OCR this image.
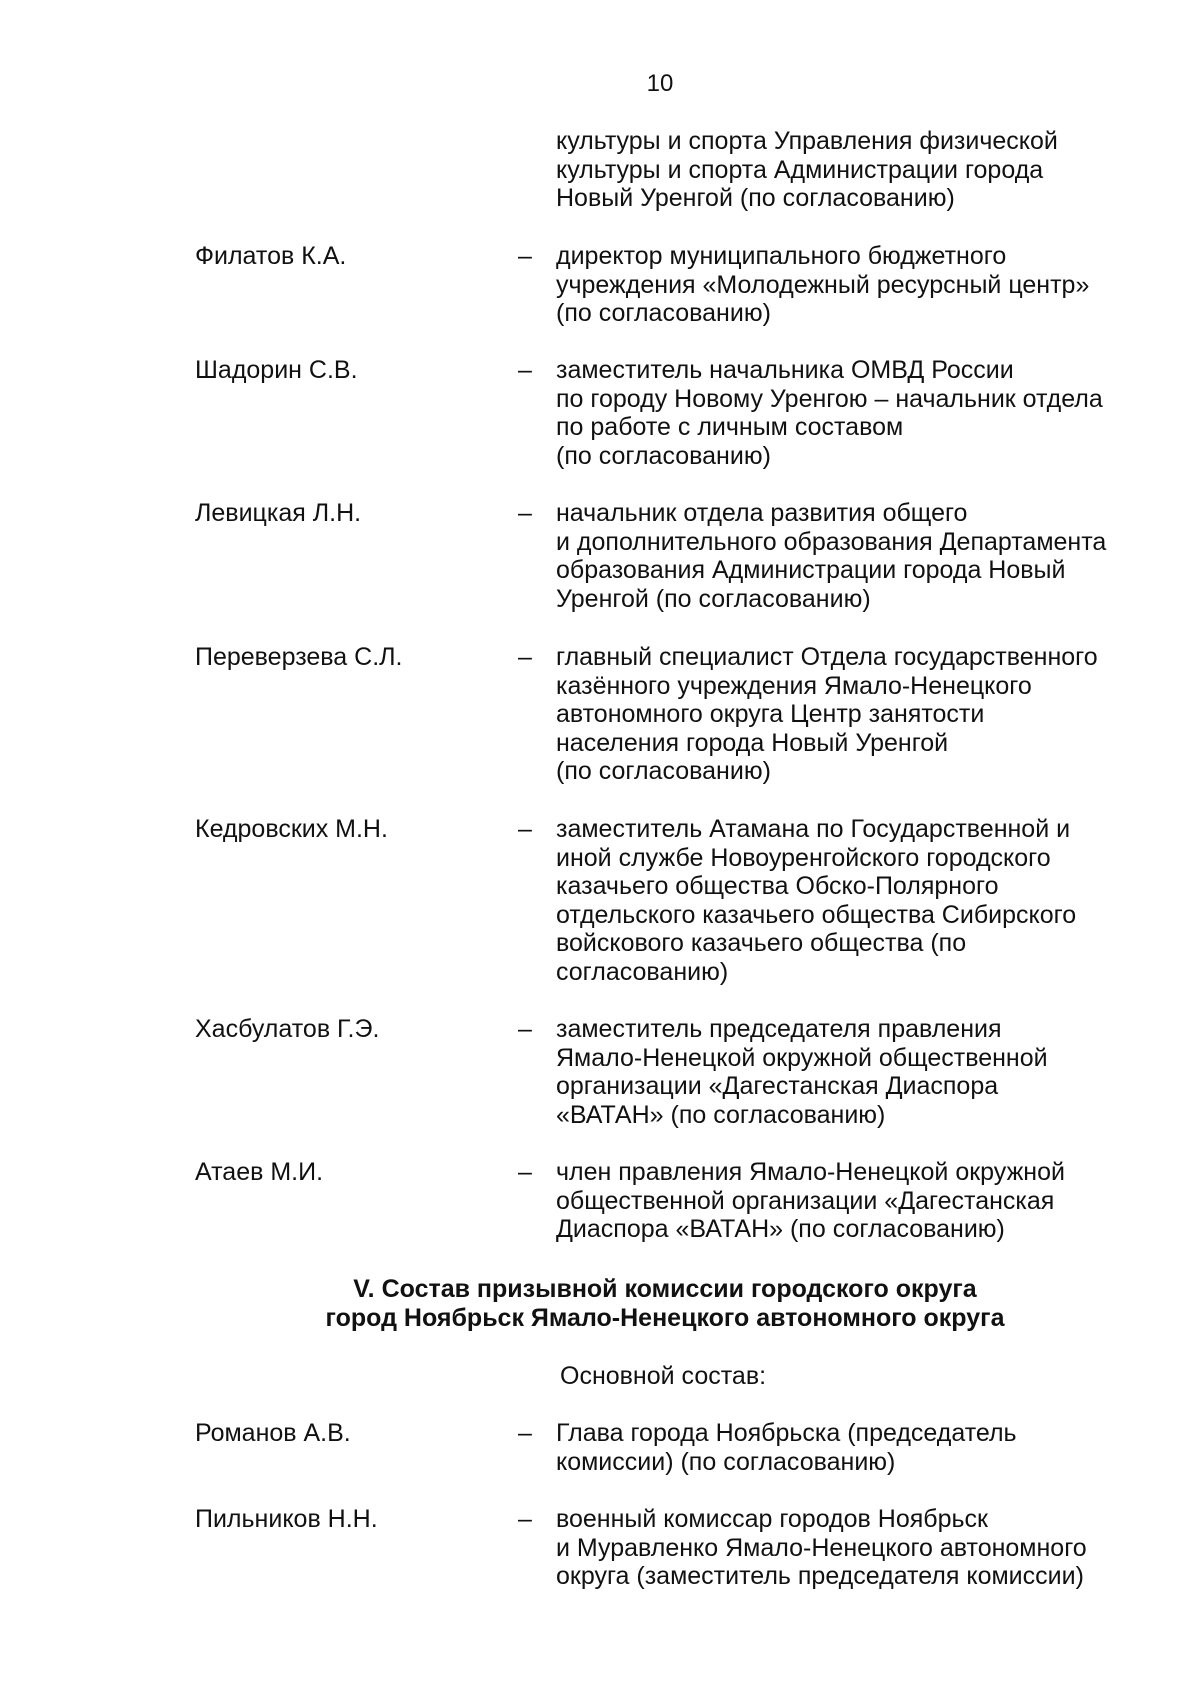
10
культуры и спорта Управления физической
культуры и спорта Администрации города
Новый Уренгой (по согласованию)
Филатов К.А.	– директор муниципального бюджетного
учреждения «Молодежный ресурсный центр»
(по согласованию)
Шадорин С.В.	– заместитель начальника ОМВД России
по городу Новому Уренгою – начальник отдела
по работе с личным составом
(по согласованию)
Левицкая Л.Н.	– начальник отдела развития общего
и дополнительного образования Департамента
образования Администрации города Новый
Уренгой (по согласованию)
Переверзева С.Л.	– главный специалист Отдела государственного
казённого учреждения Ямало-Ненецкого
автономного округа Центр занятости
населения города Новый Уренгой
(по согласованию)
Кедровских М.Н.	– заместитель Атамана по Государственной и
иной службе Новоуренгойского городского
казачьего общества Обско-Полярного
отдельского казачьего общества Сибирского
войскового казачьего общества (по
согласованию)
Хасбулатов Г.Э.	– заместитель председателя правления
Ямало-Ненецкой окружной общественной
организации «Дагестанская Диаспора
«ВАТАН» (по согласованию)
Атаев М.И.	– член правления Ямало-Ненецкой окружной
общественной организации «Дагестанская
Диаспора «ВАТАН» (по согласованию)
V. Состав призывной комиссии городского округа
город Ноябрьск Ямало-Ненецкого автономного округа
Основной состав:
Романов А.В.	– Глава города Ноябрьска (председатель
комиссии) (по согласованию)
Пильников Н.Н.	– военный комиссар городов Ноябрьск
и Муравленко Ямало-Ненецкого автономного
округа (заместитель председателя комиссии)
